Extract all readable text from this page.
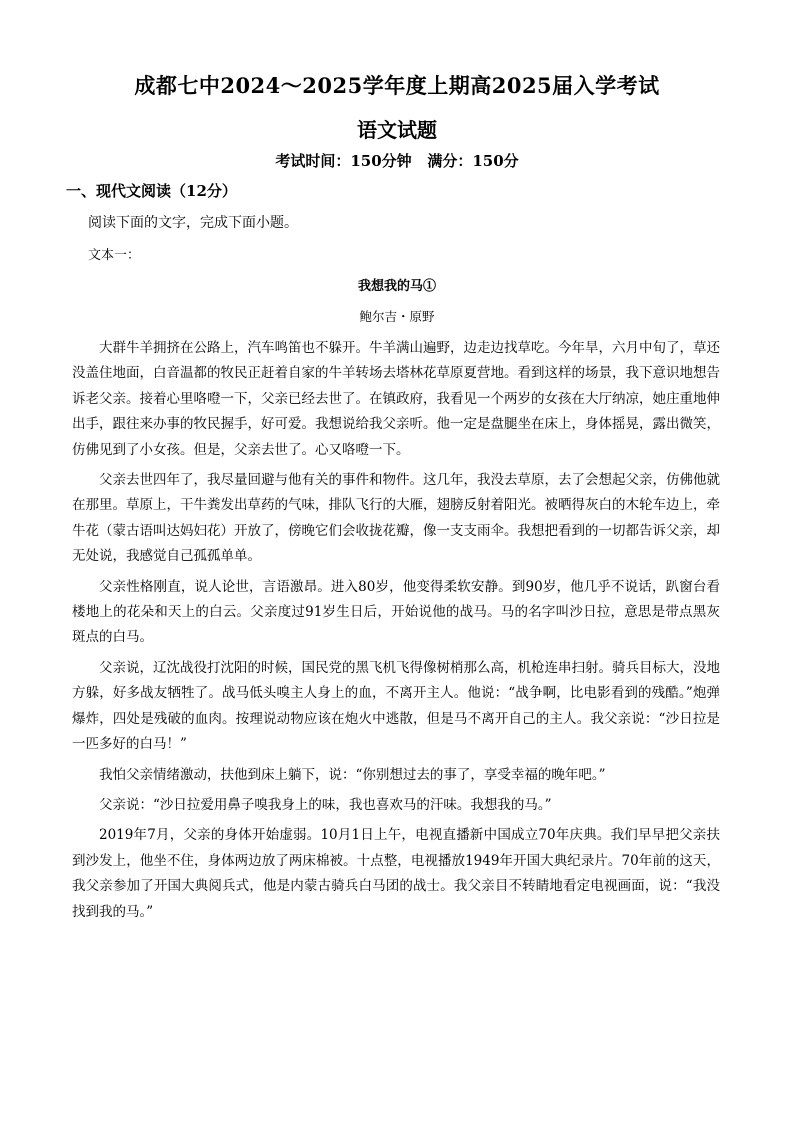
成都七中2024～2025学年度上期高2025届入学考试
语文试题
考试时间：150分钟   满分：150分
一、现代文阅读（12分）
阅读下面的文字，完成下面小题。
文本一：
我想我的马①
鲍尔吉・原野

大群牛羊拥挤在公路上，汽车鸣笛也不躲开。牛羊满山遍野，边走边找草吃。今年旱，六月中旬了，草还没盖住地面，白音温都的牧民正赶着自家的牛羊转场去塔林花草原夏营地。看到这样的场景，我下意识地想告诉老父亲。接着心里咯噔一下，父亲已经去世了。在镇政府，我看见一个两岁的女孩在大厅纳凉，她庄重地伸出手，跟往来办事的牧民握手，好可爱。我想说给我父亲听。他一定是盘腿坐在床上，身体摇晃，露出微笑，仿佛见到了小女孩。但是，父亲去世了。心又咯噔一下。

父亲去世四年了，我尽量回避与他有关的事件和物件。这几年，我没去草原，去了会想起父亲，仿佛他就在那里。草原上，干牛粪发出草药的气味，排队飞行的大雁，翅膀反射着阳光。被晒得灰白的木轮车边上，牵牛花（蒙古语叫达妈妇花）开放了，傍晚它们会收拢花瓣，像一支支雨伞。我想把看到的一切都告诉父亲，却无处说，我感觉自己孤孤单单。

父亲性格刚直，说人论世，言语激昂。进入80岁，他变得柔软安静。到90岁，他几乎不说话，趴窗台看楼地上的花朵和天上的白云。父亲度过91岁生日后，开始说他的战马。马的名字叫沙日拉，意思是带点黑灰斑点的白马。

父亲说，辽沈战役打沈阳的时候，国民党的黑飞机飞得像树梢那么高，机枪连串扫射。骑兵目标大，没地方躲，好多战友牺牲了。战马低头嗅主人身上的血，不离开主人。他说：“战争啊，比电影看到的残酷。”炮弹爆炸，四处是残破的血肉。按理说动物应该在炮火中逃散，但是马不离开自己的主人。我父亲说：“沙日拉是一匹多好的白马！”

我怕父亲情绪激动，扶他到床上躺下，说：“你别想过去的事了，享受幸福的晚年吧。”

父亲说：“沙日拉爱用鼻子嗅我身上的味，我也喜欢马的汗味。我想我的马。”

2019年7月，父亲的身体开始虚弱。10月1日上午，电视直播新中国成立70年庆典。我们早早把父亲扶到沙发上，他坐不住，身体两边放了两床棉被。十点整，电视播放1949年开国大典纪录片。70年前的这天，我父亲参加了开国大典阅兵式，他是内蒙古骑兵白马团的战士。我父亲目不转睛地看定电视画面，说：“我没找到我的马。”
